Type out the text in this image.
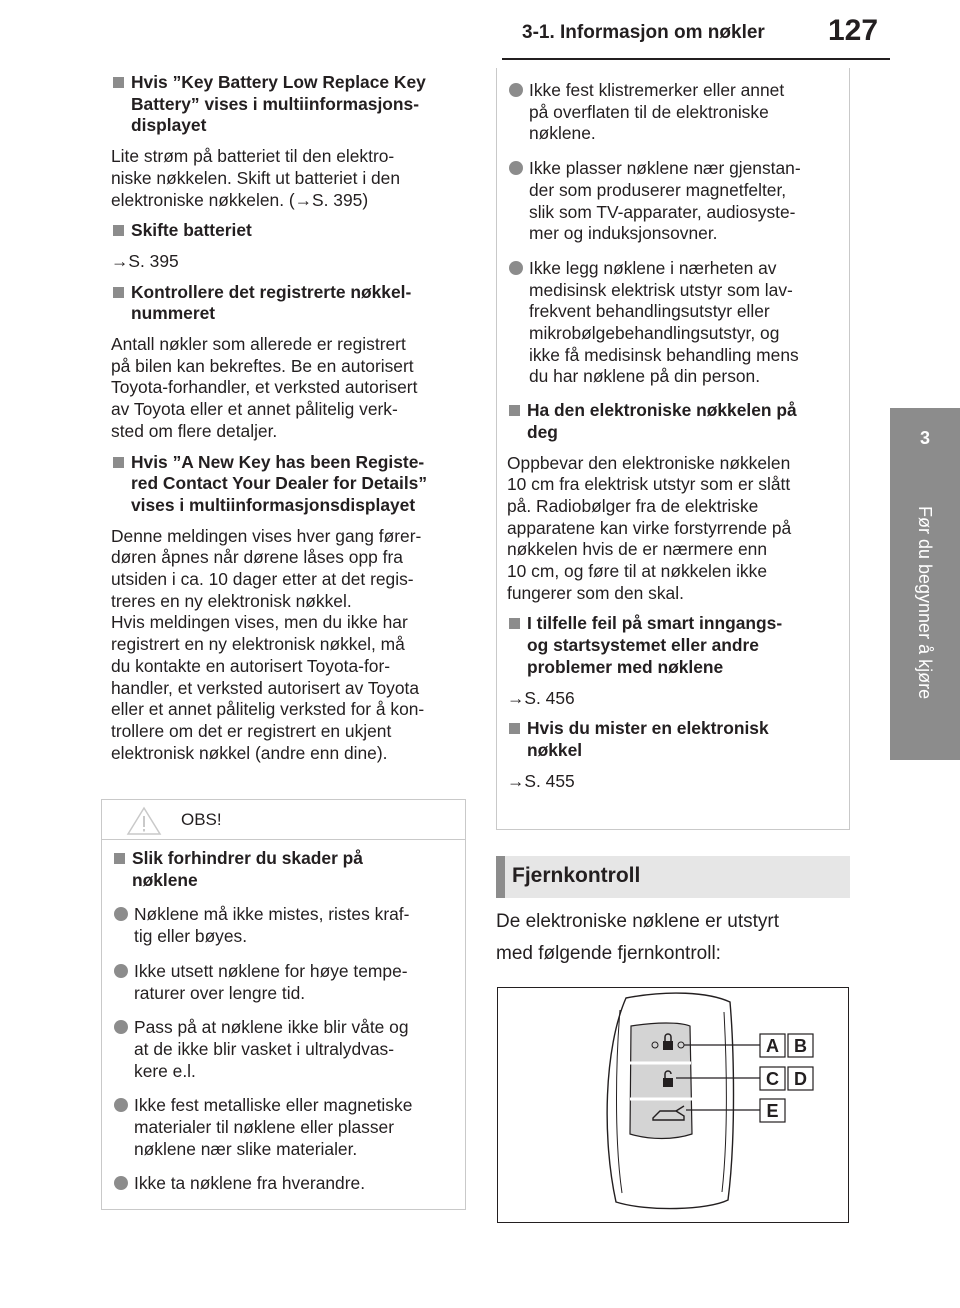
3-1. Informasjon om nøkler 127
3
Før du begynner å kjøre
Hvis ”Key Battery Low Replace Key
Battery” vises i multiinformasjons-
displayet
Lite strøm på batteriet til den elektro-
niske nøkkelen. Skift ut batteriet i den
elektroniske nøkkelen. (→S. 395)
Skifte batteriet
→S. 395
Kontrollere det registrerte nøkkel-
nummeret
Antall nøkler som allerede er registrert
på bilen kan bekreftes. Be en autorisert
Toyota-forhandler, et verksted autorisert
av Toyota eller et annet pålitelig verk-
sted om flere detaljer.
Hvis ”A New Key has been Registe-
red Contact Your Dealer for Details”
vises i multiinformasjonsdisplayet
Denne meldingen vises hver gang fører-
døren åpnes når dørene låses opp fra
utsiden i ca. 10 dager etter at det regis-
treres en ny elektronisk nøkkel.
Hvis meldingen vises, men du ikke har
registrert en ny elektronisk nøkkel, må
du kontakte en autorisert Toyota-for-
handler, et verksted autorisert av Toyota
eller et annet pålitelig verksted for å kon-
trollere om det er registrert en ukjent
elektronisk nøkkel (andre enn dine).
OBS!
Slik forhindrer du skader på
nøklene
Nøklene må ikke mistes, ristes kraf-
tig eller bøyes.
Ikke utsett nøklene for høye tempe-
raturer over lengre tid.
Pass på at nøklene ikke blir våte og
at de ikke blir vasket i ultralydvas-
kere e.l.
Ikke fest metalliske eller magnetiske
materialer til nøklene eller plasser
nøklene nær slike materialer.
Ikke ta nøklene fra hverandre.
Ikke fest klistremerker eller annet
på overflaten til de elektroniske
nøklene.
Ikke plasser nøklene nær gjenstan-
der som produserer magnetfelter,
slik som TV-apparater, audiosyste-
mer og induksjonsovner.
Ikke legg nøklene i nærheten av
medisinsk elektrisk utstyr som lav-
frekvent behandlingsutstyr eller
mikrobølgebehandlingsutstyr, og
ikke få medisinsk behandling mens
du har nøklene på din person.
Ha den elektroniske nøkkelen på
deg
Oppbevar den elektroniske nøkkelen
10 cm fra elektrisk utstyr som er slått
på. Radiobølger fra de elektriske
apparatene kan virke forstyrrende på
nøkkelen hvis de er nærmere enn
10 cm, og føre til at nøkkelen ikke
fungerer som den skal.
I tilfelle feil på smart inngangs-
og startsystemet eller andre
problemer med nøklene
→S. 456
Hvis du mister en elektronisk
nøkkel
→S. 455
Fjernkontroll
De elektroniske nøklene er utstyrt
med følgende fjernkontroll:
A B
C D
E
